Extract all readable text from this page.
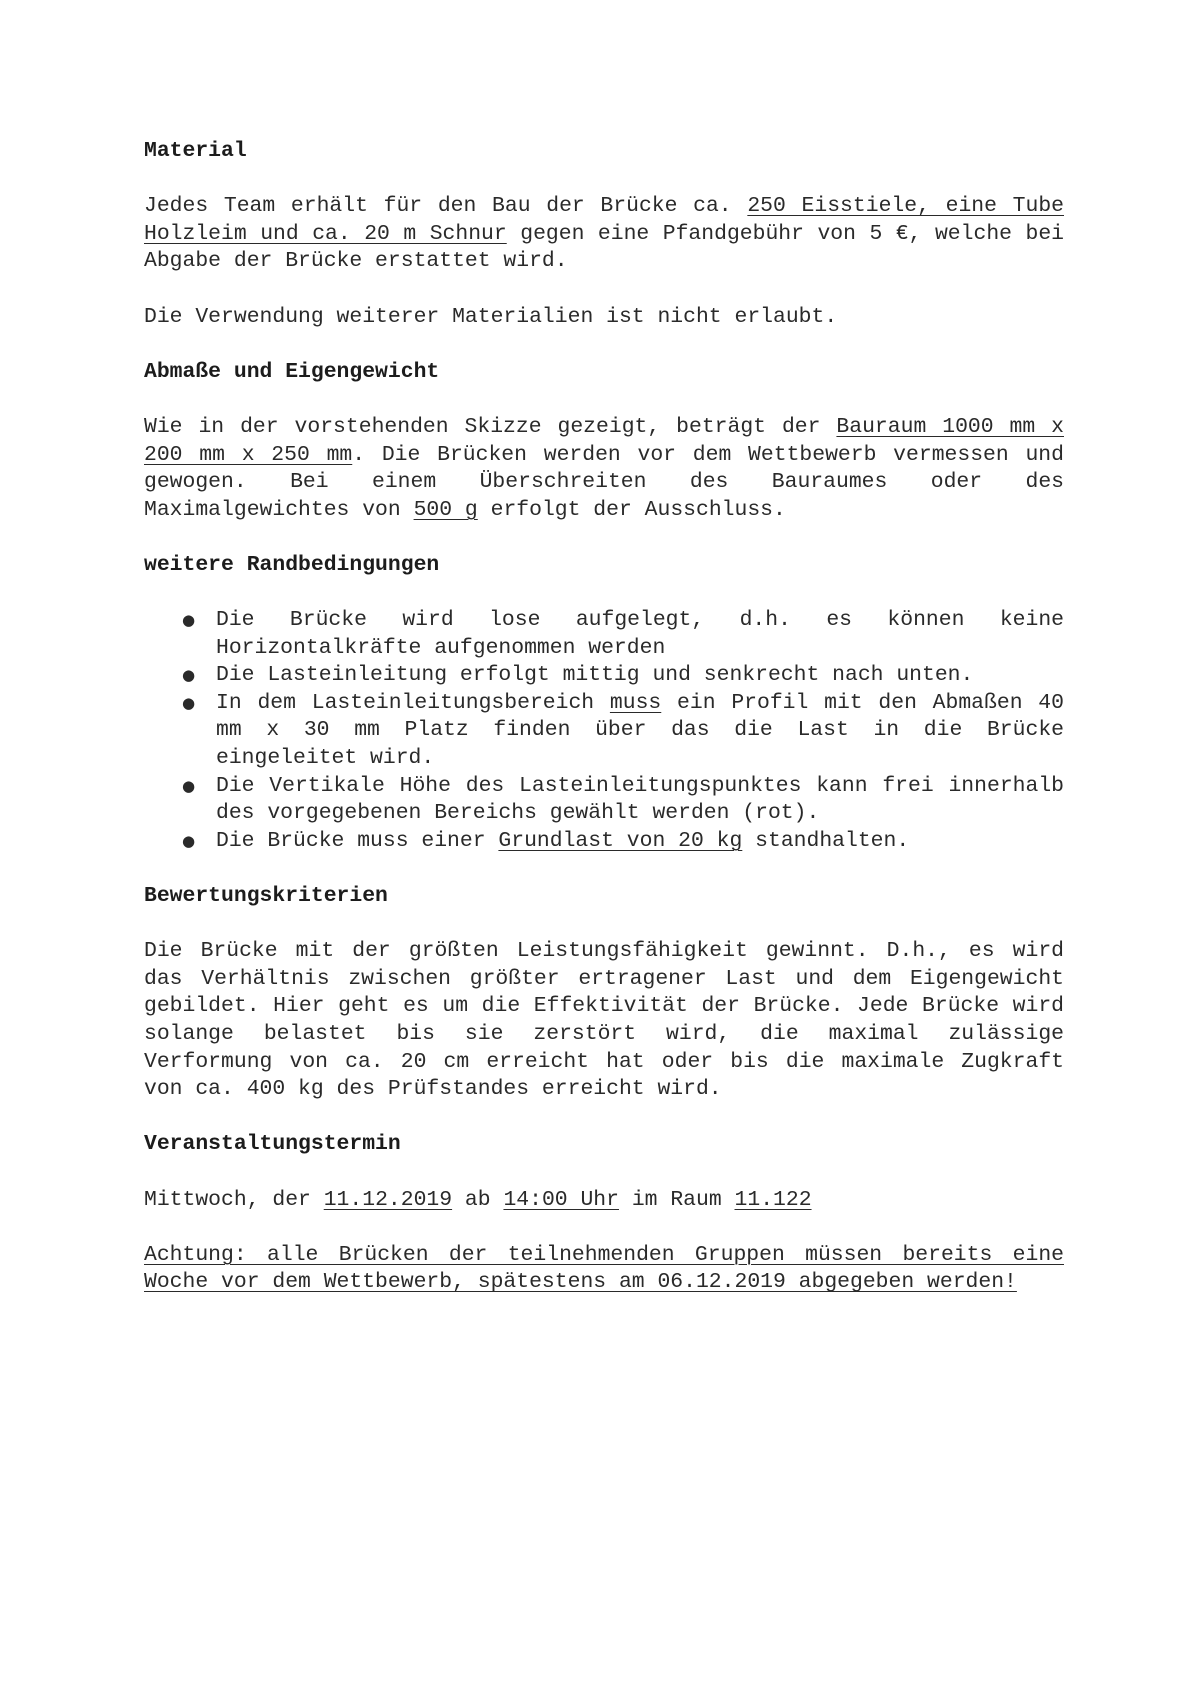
Material

Jedes Team erhält für den Bau der Brücke ca. 250 Eisstiele, eine Tube Holzleim und ca. 20 m Schnur gegen eine Pfandgebühr von 5 €, welche bei Abgabe der Brücke erstattet wird.

Die Verwendung weiterer Materialien ist nicht erlaubt.

Abmaße und Eigengewicht

Wie in der vorstehenden Skizze gezeigt, beträgt der Bauraum 1000 mm x 200 mm x 250 mm. Die Brücken werden vor dem Wettbewerb vermessen und gewogen. Bei einem Überschreiten des Bauraumes oder des Maximalgewichtes von 500 g erfolgt der Ausschluss.

weitere Randbedingungen
● Die Brücke wird lose aufgelegt, d.h. es können keine Horizontalkräfte aufgenommen werden
● Die Lasteinleitung erfolgt mittig und senkrecht nach unten.
● In dem Lasteinleitungsbereich muss ein Profil mit den Abmaßen 40 mm x 30 mm Platz finden über das die Last in die Brücke eingeleitet wird.
● Die Vertikale Höhe des Lasteinleitungspunktes kann frei innerhalb des vorgegebenen Bereichs gewählt werden (rot).
● Die Brücke muss einer Grundlast von 20 kg standhalten.
Bewertungskriterien

Die Brücke mit der größten Leistungsfähigkeit gewinnt. D.h., es wird das Verhältnis zwischen größter ertragener Last und dem Eigengewicht gebildet. Hier geht es um die Effektivität der Brücke. Jede Brücke wird solange belastet bis sie zerstört wird, die maximal zulässige Verformung von ca. 20 cm erreicht hat oder bis die maximale Zugkraft von ca. 400 kg des Prüfstandes erreicht wird.

Veranstaltungstermin

Mittwoch, der 11.12.2019 ab 14:00 Uhr im Raum 11.122

Achtung: alle Brücken der teilnehmenden Gruppen müssen bereits eine Woche vor dem Wettbewerb, spätestens am 06.12.2019 abgegeben werden!
